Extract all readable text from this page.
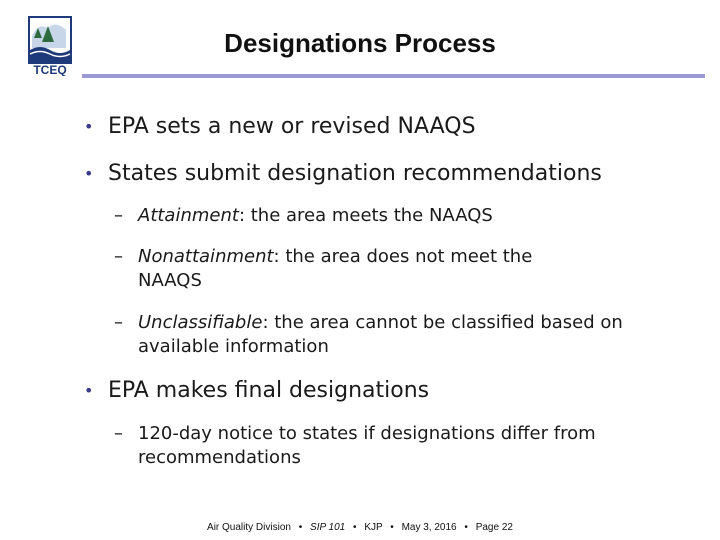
TCEQ
Designations Process
• EPA sets a new or revised NAAQS
• States submit designation recommendations
– Attainment: the area meets the NAAQS
– Nonattainment: the area does not meet the NAAQS
– Unclassifiable: the area cannot be classified based on available information
• EPA makes final designations
– 120-day notice to states if designations differ from recommendations
Air Quality Division • SIP 101 • KJP • May 3, 2016 • Page 22
